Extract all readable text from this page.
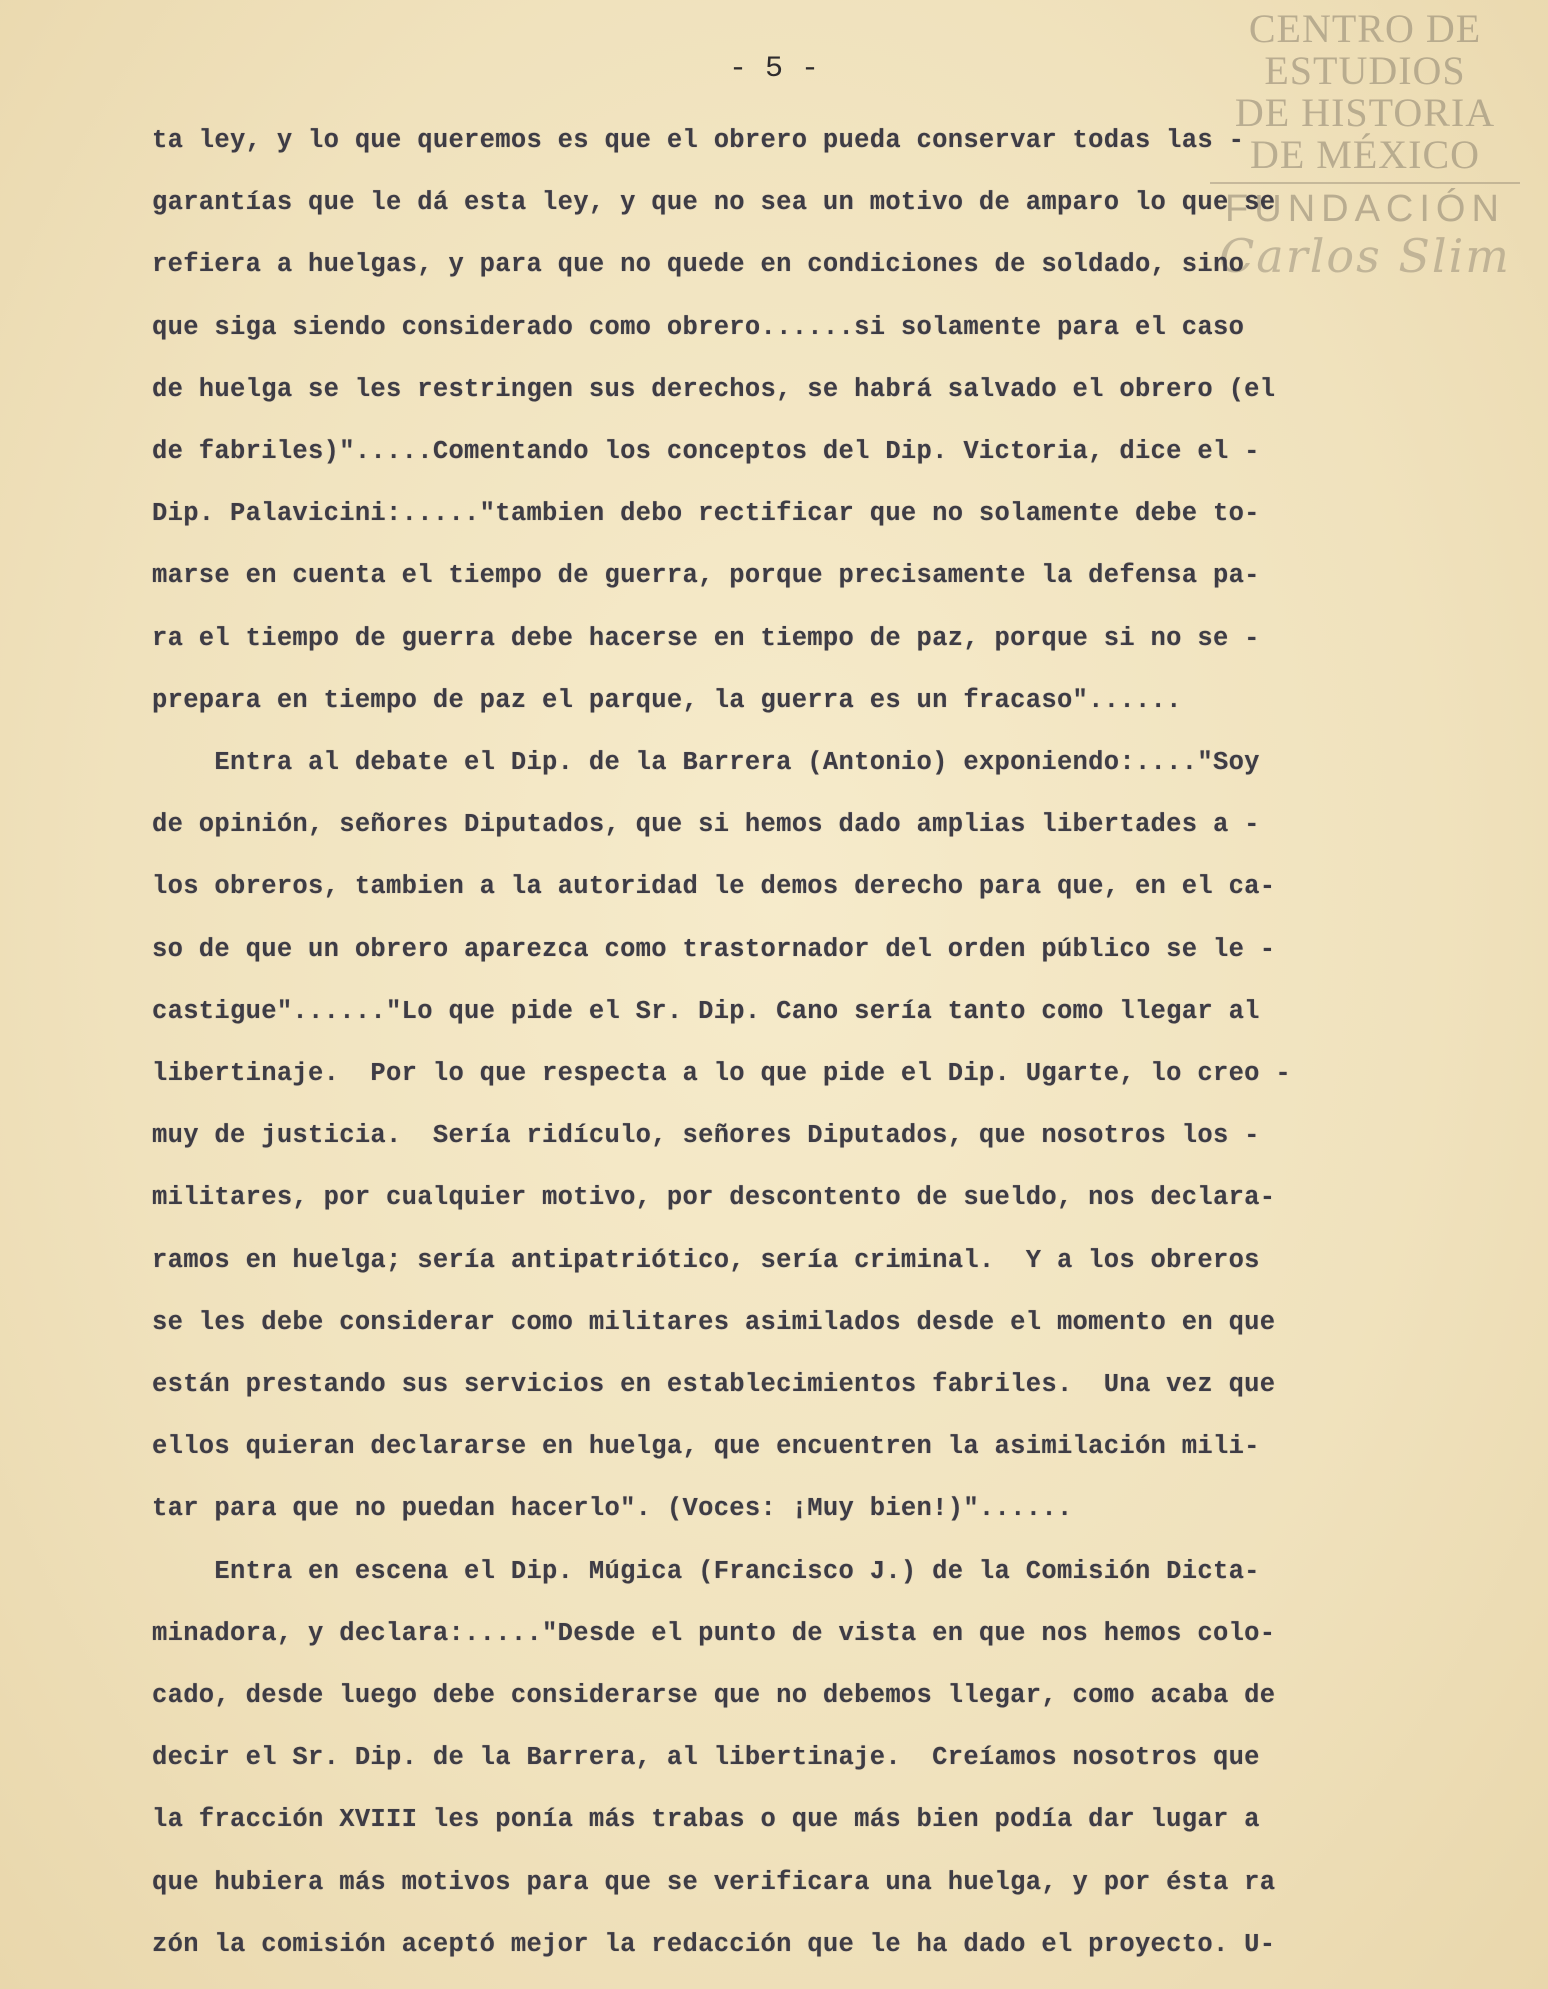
CENTRO DE
ESTUDIOS
DE HISTORIA
DE MÉXICO
FUNDACIÓN
Carlos Slim
- 5 -
ta ley, y lo que queremos es que el obrero pueda conservar todas las -
garantías que le dá esta ley, y que no sea un motivo de amparo lo que se
refiera a huelgas, y para que no quede en condiciones de soldado, sino
que siga siendo considerado como obrero......si solamente para el caso
de huelga se les restringen sus derechos, se habrá salvado el obrero (el
de fabriles)".....Comentando los conceptos del Dip. Victoria, dice el -
Dip. Palavicini:....."tambien debo rectificar que no solamente debe to-
marse en cuenta el tiempo de guerra, porque precisamente la defensa pa-
ra el tiempo de guerra debe hacerse en tiempo de paz, porque si no se -
prepara en tiempo de paz el parque, la guerra es un fracaso"......
Entra al debate el Dip. de la Barrera (Antonio) exponiendo:...."Soy
de opinión, señores Diputados, que si hemos dado amplias libertades a -
los obreros, tambien a la autoridad le demos derecho para que, en el ca-
so de que un obrero aparezca como trastornador del orden público se le -
castigue"......"Lo que pide el Sr. Dip. Cano sería tanto como llegar al
libertinaje.  Por lo que respecta a lo que pide el Dip. Ugarte, lo creo -
muy de justicia.  Sería ridículo, señores Diputados, que nosotros los -
militares, por cualquier motivo, por descontento de sueldo, nos declara-
ramos en huelga; sería antipatriótico, sería criminal.  Y a los obreros
se les debe considerar como militares asimilados desde el momento en que
están prestando sus servicios en establecimientos fabriles.  Una vez que
ellos quieran declararse en huelga, que encuentren la asimilación mili-
tar para que no puedan hacerlo". (Voces: ¡Muy bien!)"......
Entra en escena el Dip. Múgica (Francisco J.) de la Comisión Dicta-
minadora, y declara:....."Desde el punto de vista en que nos hemos colo-
cado, desde luego debe considerarse que no debemos llegar, como acaba de
decir el Sr. Dip. de la Barrera, al libertinaje.  Creíamos nosotros que
la fracción XVIII les ponía más trabas o que más bien podía dar lugar a
que hubiera más motivos para que se verificara una huelga, y por ésta ra
zón la comisión aceptó mejor la redacción que le ha dado el proyecto. U-
